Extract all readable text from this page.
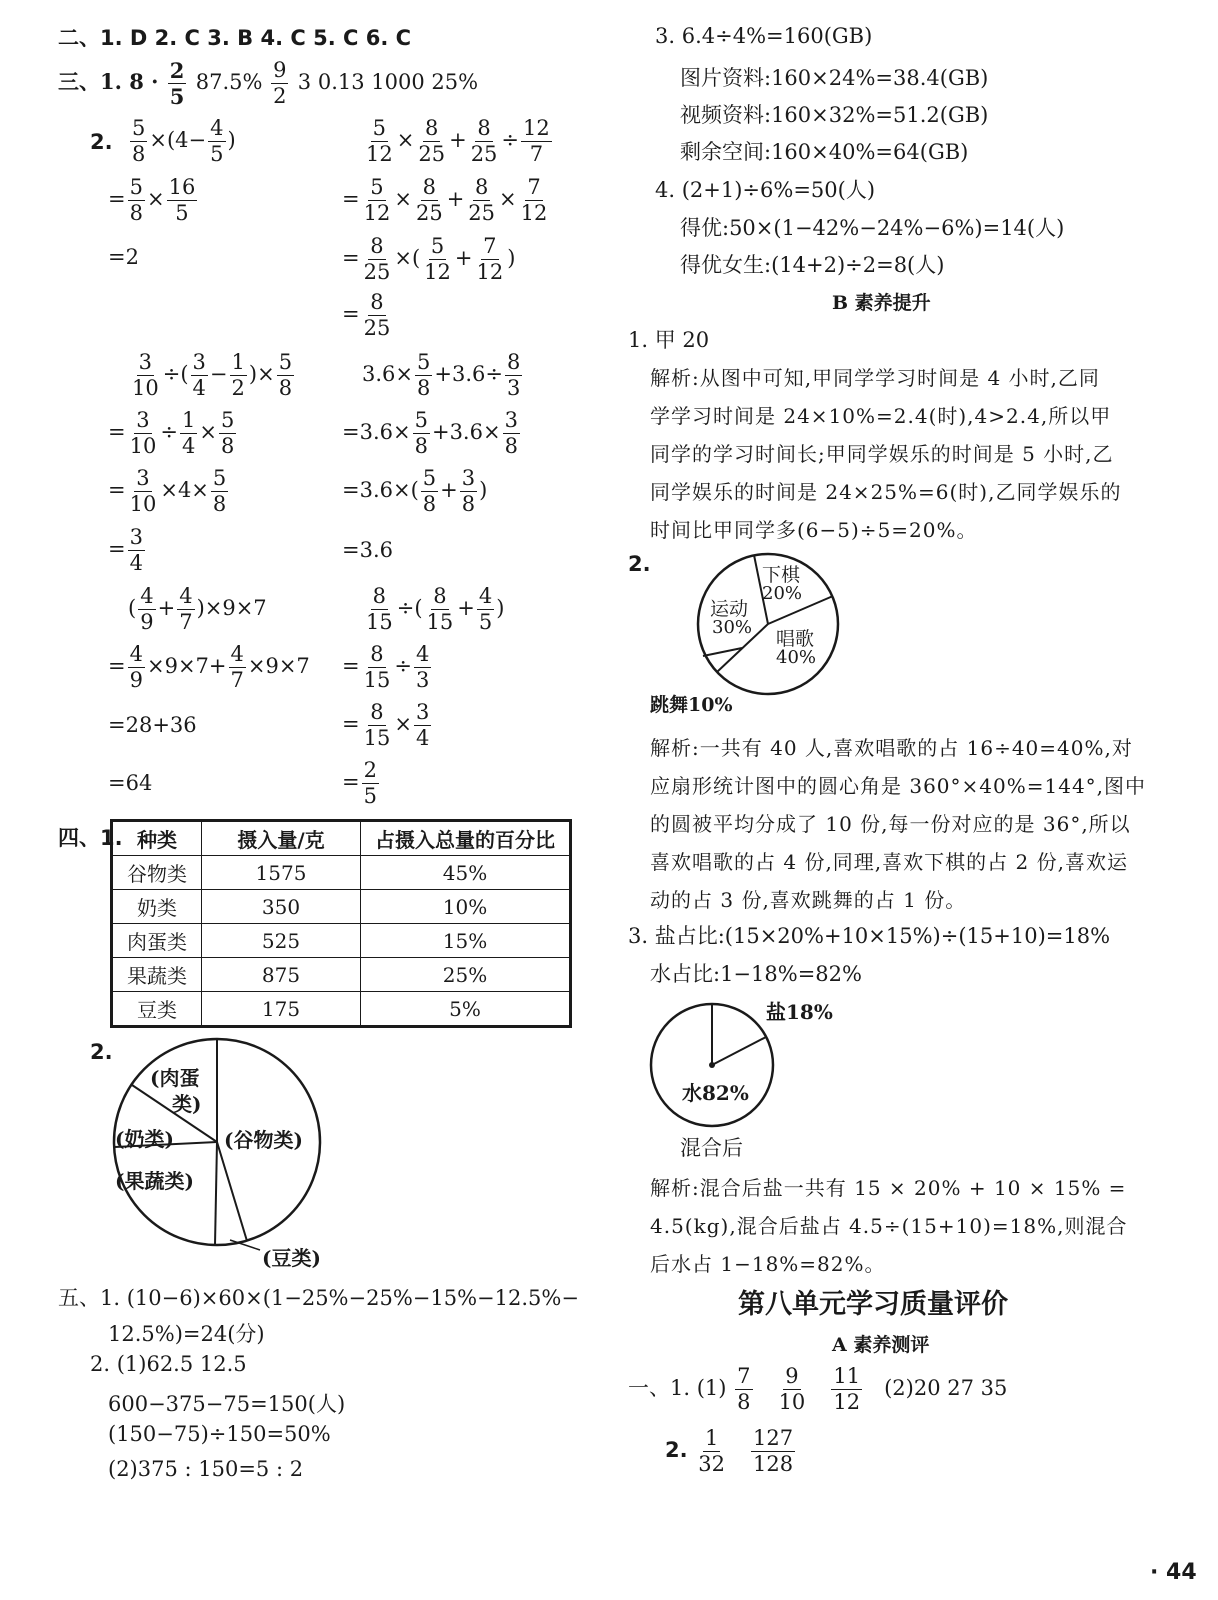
二、1. D 2. C 3. B 4. C 5. C 6. C
三、1. $8 \cdot \frac{2}{5} 87.5\% \frac{9}{2} 3$ 0.13 1000 25%
2. $\frac{5}{8} \times(4- \frac{4}{5}$ )
= $\frac{5}{8} \times \frac{16}{5}$
=2
$\frac{5}{12} \times \frac{8}{25} + \frac{8}{25} \div \frac{12}{7}$
= $\frac{5}{12} \times \frac{8}{25} + \frac{8}{25} \times \frac{7}{12}$
= $\frac{8}{25}$ ×( $\frac{5}{12} + \frac{7}{12}$ )
= $\frac{8}{25}$
$\frac{3}{10}$ ÷( $\frac{3}{4} - \frac{1}{2}$ )× $\frac{5}{8}$
= $\frac{3}{10} \div \frac{1}{4} \times \frac{5}{8}$
= $\frac{3}{10} \times 4\times \frac{5}{8}$
= $\frac{3}{4}$
$3.6\times \frac{5}{8} +3.6\div \frac{8}{3}$
$=3.6\times \frac{5}{8} +3.6\times \frac{3}{8}$
$=3.6\times( \frac{5}{8} + \frac{3}{8}$ )
=3.6
( $\frac{4}{9} + \frac{4}{7} )\times 9\times 7$
= $\frac{4}{9} \times 9\times 7+ \frac{4}{7} \times 9\times 7$
=28+36
=64
$\frac{8}{15}$ ÷( $\frac{8}{15} + \frac{4}{5}$ )
= $\frac{8}{15} \div \frac{4}{3}$
= $\frac{8}{15} \times \frac{3}{4}$
= $\frac{2}{5}$
四、1. 种类	摄入量/克	占摄入总量的百分比
谷物类	1575	45%
奶类	350	10%
肉蛋类	525	15%
果蔬类	875	25%
豆类	175	5%
2.
(肉蛋
类)
(奶类)
(果蔬类)
(谷物类)
(豆类)
五、1. (10−6)×60×(1−25%−25%−15%−12.5%−
12.5%)=24(分)
2. (1)62.5 12.5
600−375−75=150(人)
(150−75)÷150=50%
(2)375 : 150=5 : 2
3. 6.4÷4%=160(GB)
图片资料:160×24%=38.4(GB)
视频资料:160×32%=51.2(GB)
剩余空间:160×40%=64(GB)
4. (2+1)÷6%=50(人)
得优:50×(1−42%−24%−6%)=14(人)
得优女生:(14+2)÷2=8(人)
B 素养提升
1. 甲 20
解析:从图中可知,甲同学学习时间是 4 小时,乙同
学学习时间是 24×10%=2.4(时),4>2.4,所以甲
同学的学习时间长;甲同学娱乐的时间是 5 小时,乙
同学娱乐的时间是 24×25%=6(时),乙同学娱乐的
时间比甲同学多(6−5)÷5=20%。
2.	下棋
20%
运动
30%
唱歌
40%
跳舞10%
解析:一共有 40 人,喜欢唱歌的占 16÷40=40%,对
应扇形统计图中的圆心角是 360°×40%=144°,图中
的圆被平均分成了 10 份,每一份对应的是 36°,所以
喜欢唱歌的占 4 份,同理,喜欢下棋的占 2 份,喜欢运
动的占 3 份,喜欢跳舞的占 1 份。
3. 盐占比:(15×20%+10×15%)÷(15+10)=18%
水占比:1−18%=82%
盐18%
水82%
混合后
解析:混合后盐一共有 15 × 20% + 10 × 15% =
4.5(kg),混合后盐占 4.5÷(15+10)=18%,则混合
后水占 1−18%=82%。
第八单元学习质量评价
A 素养测评
一、1. $(1) \frac{7}{8}$
$\frac{9}{10}$
$\frac{11}{12} (2)20$ 27 35
2. $\frac{1}{32}$
$\frac{127}{128}$
· 44
